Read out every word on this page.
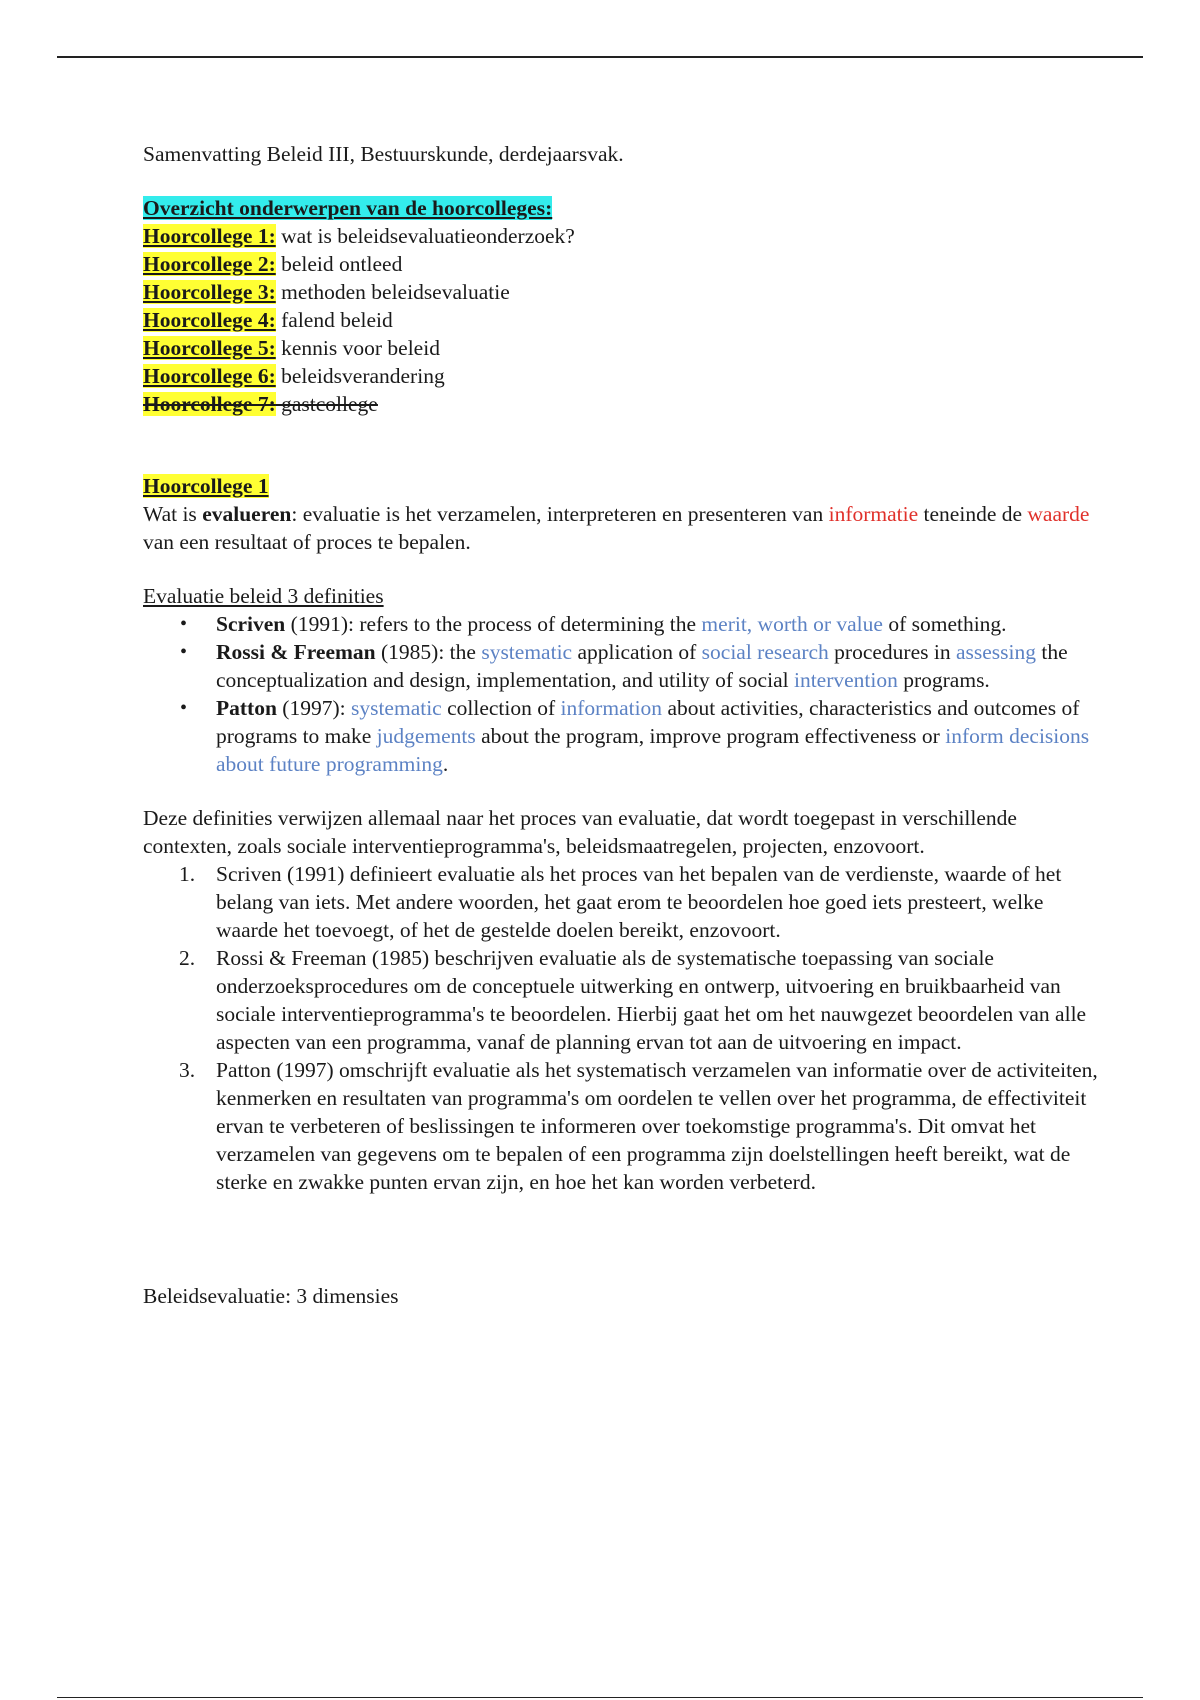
Samenvatting Beleid III, Bestuurskunde, derdejaarsvak.

Overzicht onderwerpen van de hoorcolleges:

Hoorcollege 1: wat is beleidsevaluatieonderzoek?

Hoorcollege 2: beleid ontleed

Hoorcollege 3: methoden beleidsevaluatie

Hoorcollege 4: falend beleid

Hoorcollege 5: kennis voor beleid

Hoorcollege 6: beleidsverandering

Hoorcollege 7: gastcollege

Hoorcollege 1

Wat is evalueren: evaluatie is het verzamelen, interpreteren en presenteren van informatie teneinde de waarde van een resultaat of proces te bepalen.

Evaluatie beleid 3 definities

• Scriven (1991): refers to the process of determining the merit, worth or value of something.
• Rossi & Freeman (1985): the systematic application of social research procedures in assessing the conceptualization and design, implementation, and utility of social intervention programs.
• Patton (1997): systematic collection of information about activities, characteristics and outcomes of programs to make judgements about the program, improve program effectiveness or inform decisions about future programming.

Deze definities verwijzen allemaal naar het proces van evaluatie, dat wordt toegepast in verschillende contexten, zoals sociale interventieprogramma's, beleidsmaatregelen, projecten, enzovoort.

1. Scriven (1991) definieert evaluatie als het proces van het bepalen van de verdienste, waarde of het belang van iets. Met andere woorden, het gaat erom te beoordelen hoe goed iets presteert, welke waarde het toevoegt, of het de gestelde doelen bereikt, enzovoort.
2. Rossi & Freeman (1985) beschrijven evaluatie als de systematische toepassing van sociale onderzoeksprocedures om de conceptuele uitwerking en ontwerp, uitvoering en bruikbaarheid van sociale interventieprogramma's te beoordelen. Hierbij gaat het om het nauwgezet beoordelen van alle aspecten van een programma, vanaf de planning ervan tot aan de uitvoering en impact.
3. Patton (1997) omschrijft evaluatie als het systematisch verzamelen van informatie over de activiteiten, kenmerken en resultaten van programma's om oordelen te vellen over het programma, de effectiviteit ervan te verbeteren of beslissingen te informeren over toekomstige programma's. Dit omvat het verzamelen van gegevens om te bepalen of een programma zijn doelstellingen heeft bereikt, wat de sterke en zwakke punten ervan zijn, en hoe het kan worden verbeterd.

Beleidsevaluatie: 3 dimensies
